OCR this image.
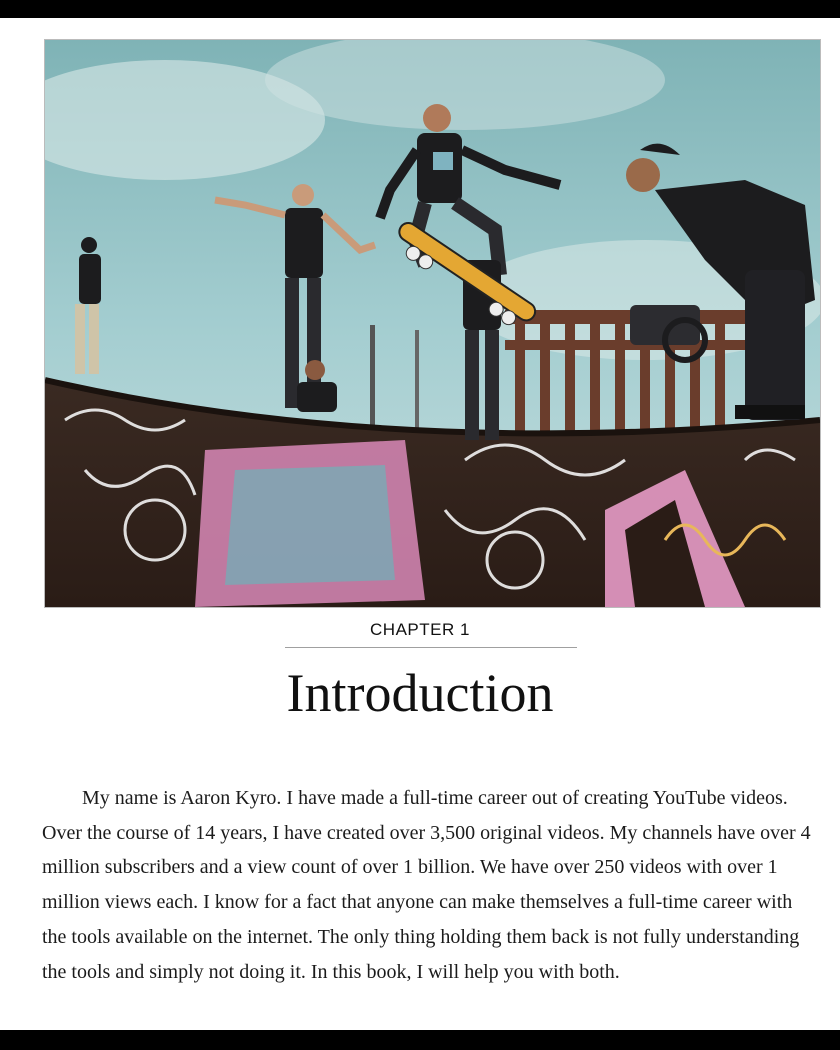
CHAPTER 1
Introduction

My name is Aaron Kyro. I have made a full-time career out of creating YouTube videos. Over the course of 14 years, I have created over 3,500 original videos. My channels have over 4 million subscribers and a view count of over 1 billion. We have over 250 videos with over 1 million views each. I know for a fact that anyone can make themselves a full-time career with the tools available on the internet. The only thing holding them back is not fully understanding the tools and simply not doing it. In this book, I will help you with both.
